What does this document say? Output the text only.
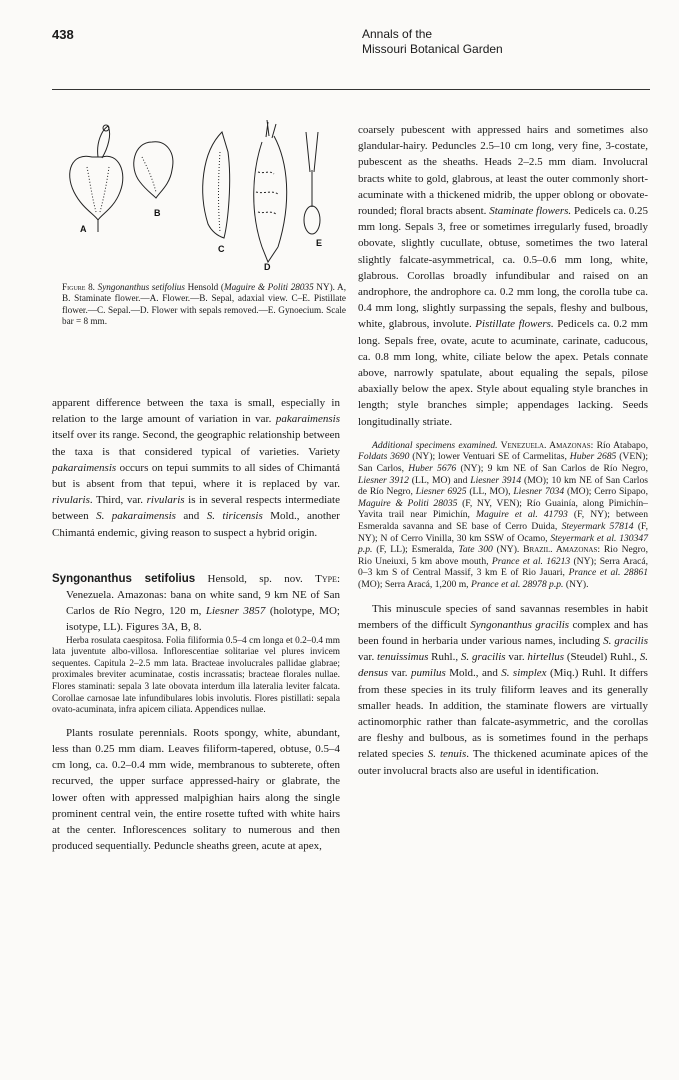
438	Annals of the
Missouri Botanical Garden
A
B
C
D
E
Figure 8. Syngonanthus setifolius Hensold (Maguire & Politi 28035 NY). A, B. Staminate flower.—A. Flower.—B. Sepal, adaxial view. C–E. Pistillate flower.—C. Sepal.—D. Flower with sepals removed.—E. Gynoecium. Scale bar = 8 mm.

apparent difference between the taxa is small, especially in relation to the large amount of variation in var. pakaraimensis itself over its range. Second, the geographic relationship between the taxa is that considered typical of varieties. Variety pakaraimensis occurs on tepui summits to all sides of Chimantá but is absent from that tepui, where it is replaced by var. rivularis. Third, var. rivularis is in several respects intermediate between S. pakaraimensis and S. tiricensis Mold., another Chimantá endemic, giving reason to suspect a hybrid origin.

Syngonanthus setifolius Hensold, sp. nov. Type: Venezuela. Amazonas: bana on white sand, 9 km NE of San Carlos de Río Negro, 120 m, Liesner 3857 (holotype, MO; isotype, LL). Figures 3A, B, 8.

Herba rosulata caespitosa. Folia filiformia 0.5–4 cm longa et 0.2–0.4 mm lata juventute albo-villosa. Inflorescentiae solitariae vel plures invicem sequentes. Capitula 2–2.5 mm lata. Bracteae involucrales pallidae glabrae; proximales breviter acuminatae, costis incrassatis; bracteae florales nullae. Flores staminati: sepala 3 late obovata interdum illa lateralia leviter falcata. Corollae carnosae late infundibulares lobis involutis. Flores pistillati: sepala ovato-acuminata, infra apicem ciliata. Appendices nullae.

Plants rosulate perennials. Roots spongy, white, abundant, less than 0.25 mm diam. Leaves filiform-tapered, obtuse, 0.5–4 cm long, ca. 0.2–0.4 mm wide, membranous to subterete, often recurved, the upper surface appressed-hairy or glabrate, the lower often with appressed malpighian hairs along the single prominent central vein, the entire rosette tufted with white hairs at the center. Inflorescences solitary to numerous and then produced sequentially. Peduncle sheaths green, acute at apex,

coarsely pubescent with appressed hairs and sometimes also glandular-hairy. Peduncles 2.5–10 cm long, very fine, 3-costate, pubescent as the sheaths. Heads 2–2.5 mm diam. Involucral bracts white to gold, glabrous, at least the outer commonly short-acuminate with a thickened midrib, the upper oblong or obovate-rounded; floral bracts absent. Staminate flowers. Pedicels ca. 0.25 mm long. Sepals 3, free or sometimes irregularly fused, broadly obovate, slightly cucullate, obtuse, sometimes the two lateral slightly falcate-asymmetrical, ca. 0.5–0.6 mm long, white, glabrous. Corollas broadly infundibular and raised on an androphore, the androphore ca. 0.2 mm long, the corolla tube ca. 0.4 mm long, slightly surpassing the sepals, fleshy and bulbous, white, glabrous, involute. Pistillate flowers. Pedicels ca. 0.2 mm long. Sepals free, ovate, acute to acuminate, carinate, caducous, ca. 0.8 mm long, white, ciliate below the apex. Petals connate above, narrowly spatulate, about equaling the sepals, pilose abaxially below the apex. Style about equaling style branches in length; style branches simple; appendages lacking. Seeds longitudinally striate.

Additional specimens examined. Venezuela. Amazonas: Río Atabapo, Foldats 3690 (NY); lower Ventuari SE of Carmelitas, Huber 2685 (VEN); San Carlos, Huber 5676 (NY); 9 km NE of San Carlos de Río Negro, Liesner 3912 (LL, MO) and Liesner 3914 (MO); 10 km NE of San Carlos de Río Negro, Liesner 6925 (LL, MO), Liesner 7034 (MO); Cerro Sipapo, Maguire & Politi 28035 (F, NY, VEN); Río Guainía, along Pimichín–Yavita trail near Pimichín, Maguire et al. 41793 (F, NY); between Esmeralda savanna and SE base of Cerro Duida, Steyermark 57814 (F, NY); N of Cerro Vinilla, 30 km SSW of Ocamo, Steyermark et al. 130347 p.p. (F, LL); Esmeralda, Tate 300 (NY). Brazil. Amazonas: Rio Negro, Rio Uneiuxi, 5 km above mouth, Prance et al. 16213 (NY); Serra Aracá, 0–3 km S of Central Massif, 3 km E of Rio Jauari, Prance et al. 28861 (MO); Serra Aracá, 1,200 m, Prance et al. 28978 p.p. (NY).

This minuscule species of sand savannas resembles in habit members of the difficult Syngonanthus gracilis complex and has been found in herbaria under various names, including S. gracilis var. tenuissimus Ruhl., S. gracilis var. hirtellus (Steudel) Ruhl., S. densus var. pumilus Mold., and S. simplex (Miq.) Ruhl. It differs from these species in its truly filiform leaves and its generally smaller heads. In addition, the staminate flowers are virtually actinomorphic rather than falcate-asymmetric, and the corollas are fleshy and bulbous, as is sometimes found in the perhaps related species S. tenuis. The thickened acuminate apices of the outer involucral bracts also are useful in identification.
